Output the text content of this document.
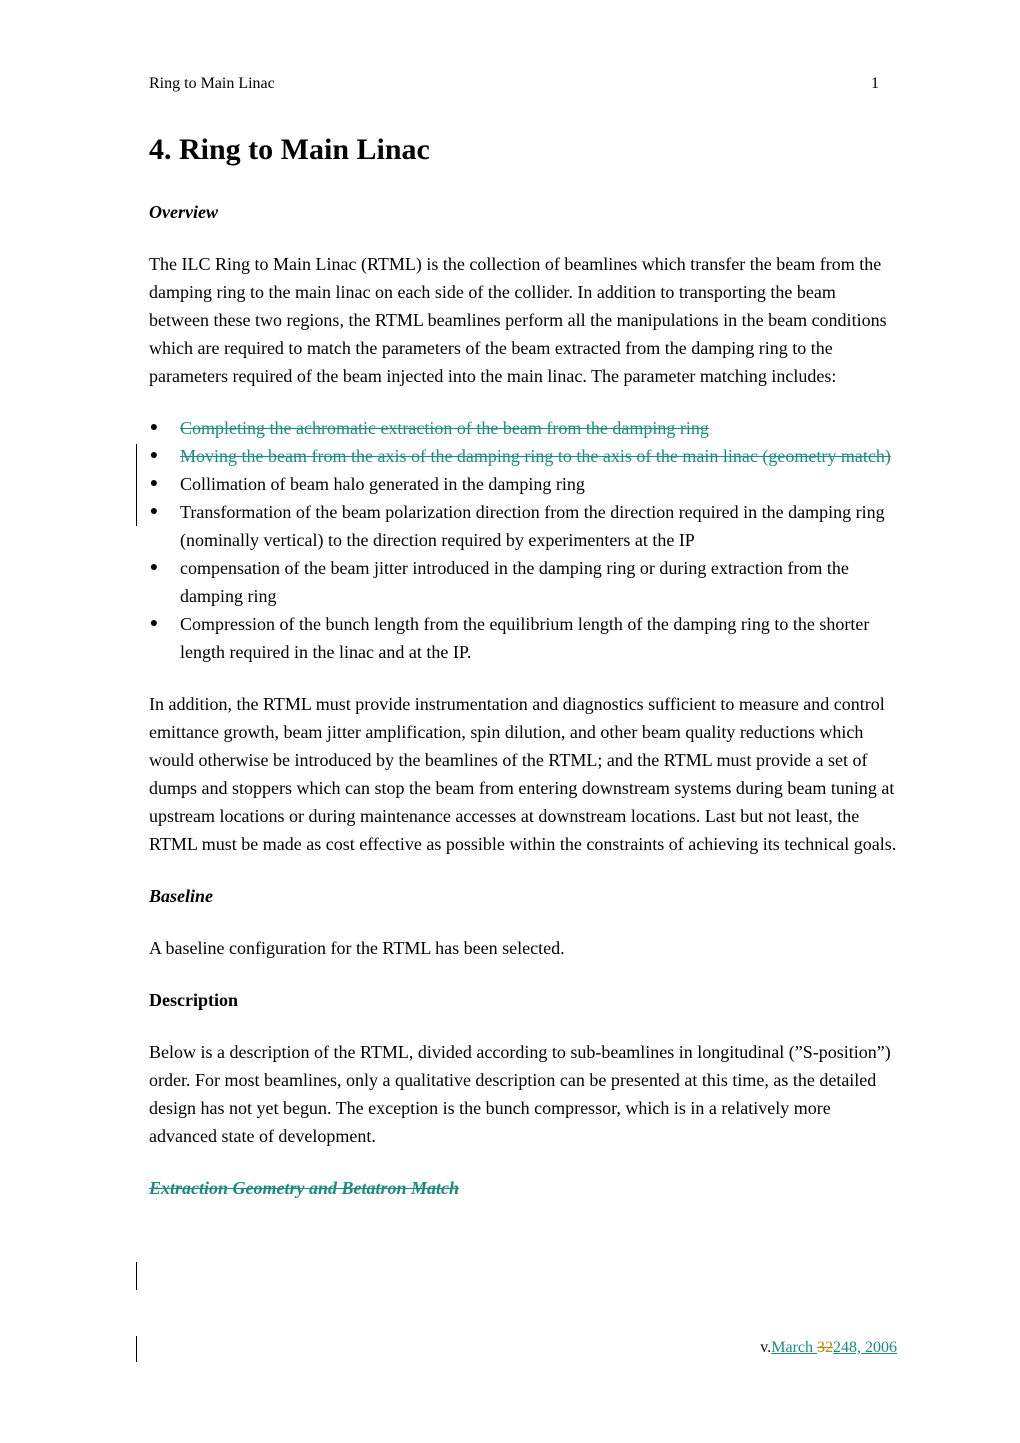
Ring to Main Linac	1
4. Ring to Main Linac
Overview

The ILC Ring to Main Linac (RTML) is the collection of beamlines which transfer the beam from the damping ring to the main linac on each side of the collider. In addition to transporting the beam between these two regions, the RTML beamlines perform all the manipulations in the beam conditions which are required to match the parameters of the beam extracted from the damping ring to the parameters required of the beam injected into the main linac. The parameter matching includes:

● Completing the achromatic extraction of the beam from the damping ring
● Moving the beam from the axis of the damping ring to the axis of the main linac (geometry match)
● Collimation of beam halo generated in the damping ring
● Transformation of the beam polarization direction from the direction required in the damping ring (nominally vertical) to the direction required by experimenters at the IP
● compensation of the beam jitter introduced in the damping ring or during extraction from the damping ring
● Compression of the bunch length from the equilibrium length of the damping ring to the shorter length required in the linac and at the IP.

In addition, the RTML must provide instrumentation and diagnostics sufficient to measure and control emittance growth, beam jitter amplification, spin dilution, and other beam quality reductions which would otherwise be introduced by the beamlines of the RTML; and the RTML must provide a set of dumps and stoppers which can stop the beam from entering downstream systems during beam tuning at upstream locations or during maintenance accesses at downstream locations. Last but not least, the RTML must be made as cost effective as possible within the constraints of achieving its technical goals.

Baseline

A baseline configuration for the RTML has been selected.

Description

Below is a description of the RTML, divided according to sub-beamlines in longitudinal (”S-position”) order. For most beamlines, only a qualitative description can be presented at this time, as the detailed design has not yet begun. The exception is the bunch compressor, which is in a relatively more advanced state of development.

Extraction Geometry and Betatron Match
v.March 32248, 2006
